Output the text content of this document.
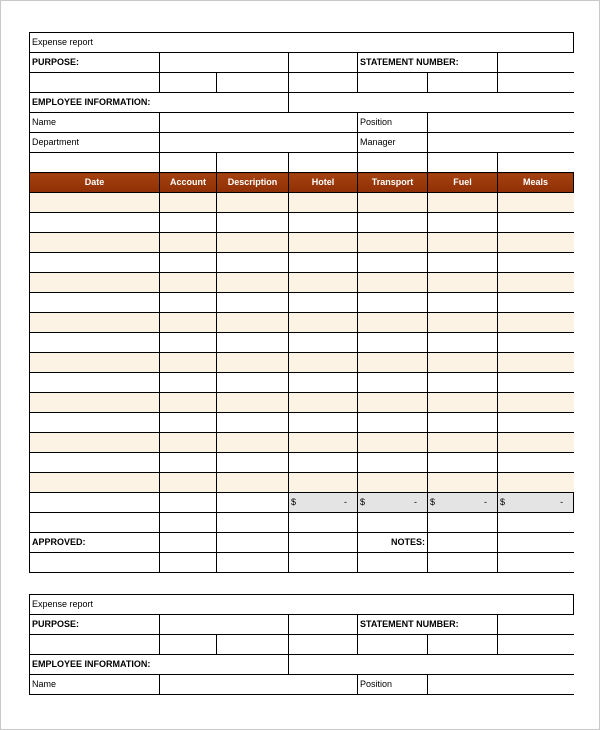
Expense report						
PURPOSE:				STATEMENT NUMBER:		

EMPLOYEE INFORMATION:						
Name				Position		
Department				Manager		

Date	Account	Description	Hotel	Transport	Fuel	Meals

			$ -	$ -	$ -	$ -

APPROVED:				NOTES:		

Expense report						
PURPOSE:				STATEMENT NUMBER:		

EMPLOYEE INFORMATION:						
Name				Position		
